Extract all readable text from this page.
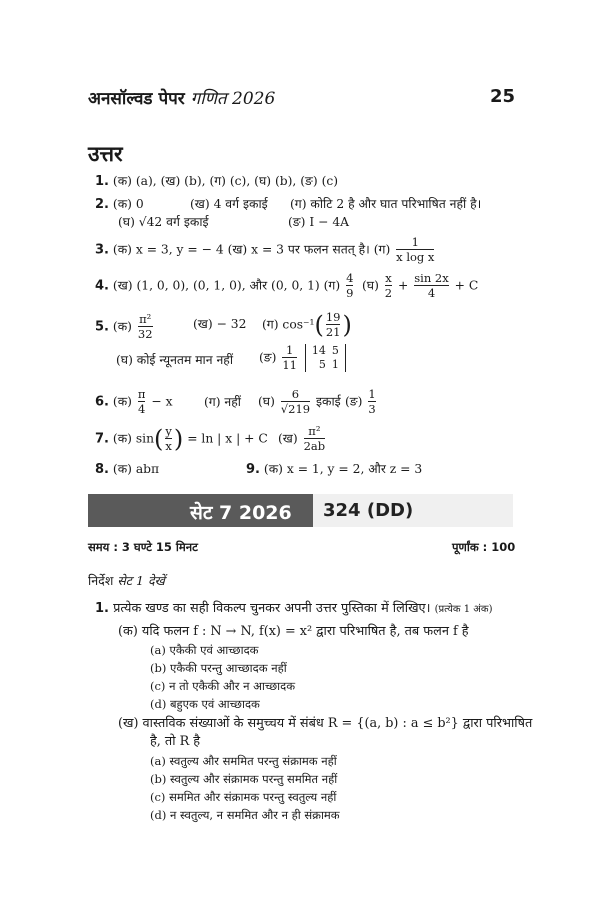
अनसॉल्वड पेपर गणित 2026	25
उत्तर
1. (क) (a), (ख) (b), (ग) (c), (घ) (b), (ङ) (c)
2. (क) 0	(ख) 4 वर्ग इकाई (ग) कोटि 2 है और घात परिभाषित नहीं है।
(घ) √42 वर्ग इकाई	(ङ) I − 4A
3. (क) x = 3, y = − 4 (ख) x = 3 पर फलन सतत् है। (ग) $\frac{1}{\text{x log x}}$
4. (ख) (1, 0, 0), (0, 1, 0), और (0, 0, 1) (ग) $\frac{4}{9}$ (घ) $\frac{x}{2} + \frac{\sin 2x}{4} + C$
5. (क) $\frac{\text{π²}}{32}$	(ख) − 32 (ग) $\cos^{-1}( \frac{19}{21}$ )
(घ) कोई न्यूनतम मान नहीं (ङ) $\frac{1}{11}$
14	5
5	1
6. (क) $\frac{\pi}{4} - x$	(ग) नहीं (घ) $\frac{6}{√219}$ इकाई (ङ) $\frac{1}{3}$
7. (क) $\sin( \frac{y}{x}$ ) = ln | x | + C (ख) $\frac{\text{π²}}{2ab}$
8. (क) abπ	9. (क) x = 1, y = 2, और z = 3
सेट 7 2026 324 (DD)
समय : 3 घण्टे 15 मिनट	पूर्णांक : 100
निर्देश सेट 1 देखें
1. प्रत्येक खण्ड का सही विकल्प चुनकर अपनी उत्तर पुस्तिका में लिखिए। (प्रत्येक 1 अंक)
(क) यदि फलन f : N → N, f(x) = x² द्वारा परिभाषित है, तब फलन f है
(a) एकैकी एवं आच्छादक
(b) एकैकी परन्तु आच्छादक नहीं
(c) न तो एकैकी और न आच्छादक
(d) बहुएक एवं आच्छादक
(ख) वास्तविक संख्याओं के समुच्चय में संबंध R = {(a, b) : a ≤ b²} द्वारा परिभाषित
है, तो R है
(a) स्वतुल्य और सममित परन्तु संक्रामक नहीं
(b) स्वतुल्य और संक्रामक परन्तु सममित नहीं
(c) सममित और संक्रामक परन्तु स्वतुल्य नहीं
(d) न स्वतुल्य, न सममित और न ही संक्रामक
